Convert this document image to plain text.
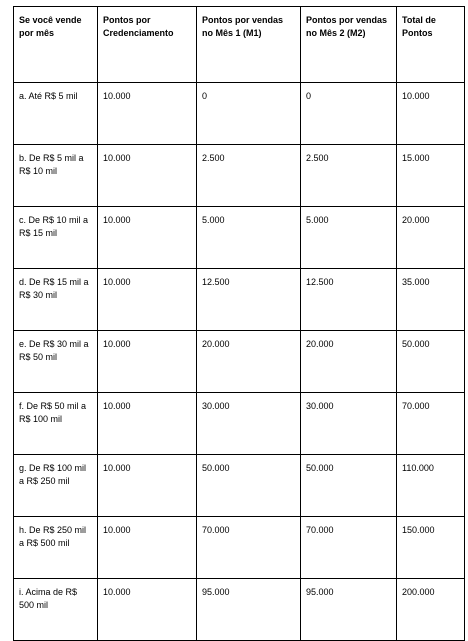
Se você vende por mês	Pontos por Credenciamento	Pontos por vendas no Mês 1 (M1)	Pontos por vendas no Mês 2 (M2)	Total de Pontos
a. Até R$ 5 mil	10.000	0	0	10.000
b. De R$ 5 mil a R$ 10 mil	10.000	2.500	2.500	15.000
c. De R$ 10 mil a R$ 15 mil	10.000	5.000	5.000	20.000
d. De R$ 15 mil a R$ 30 mil	10.000	12.500	12.500	35.000
e. De R$ 30 mil a R$ 50 mil	10.000	20.000	20.000	50.000
f. De R$ 50 mil a R$ 100 mil	10.000	30.000	30.000	70.000
g. De R$ 100 mil a R$ 250 mil	10.000	50.000	50.000	110.000
h. De R$ 250 mil a R$ 500 mil	10.000	70.000	70.000	150.000
i. Acima de R$ 500 mil	10.000	95.000	95.000	200.000
